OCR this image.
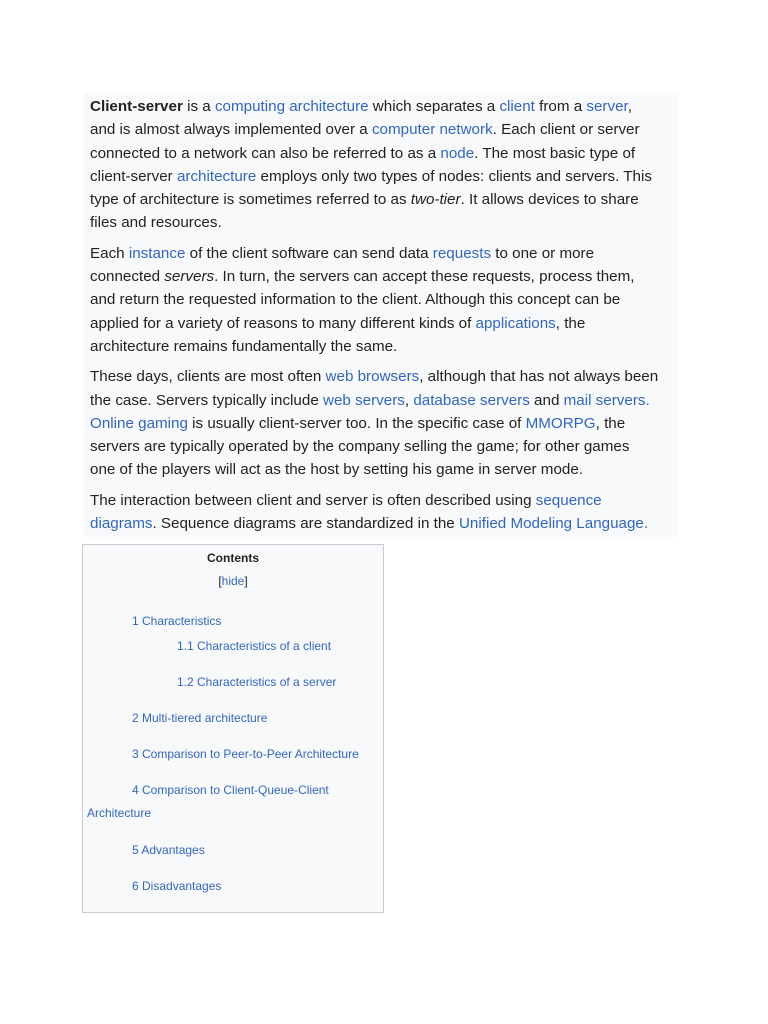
Client-server is a computing architecture which separates a client from a server,
and is almost always implemented over a computer network. Each client or server
connected to a network can also be referred to as a node. The most basic type of
client-server architecture employs only two types of nodes: clients and servers. This
type of architecture is sometimes referred to as two-tier. It allows devices to share
files and resources.

Each instance of the client software can send data requests to one or more
connected servers. In turn, the servers can accept these requests, process them,
and return the requested information to the client. Although this concept can be
applied for a variety of reasons to many different kinds of applications, the
architecture remains fundamentally the same.

These days, clients are most often web browsers, although that has not always been
the case. Servers typically include web servers, database servers and mail servers.
Online gaming is usually client-server too. In the specific case of MMORPG, the
servers are typically operated by the company selling the game; for other games
one of the players will act as the host by setting his game in server mode.

The interaction between client and server is often described using sequence
diagrams. Sequence diagrams are standardized in the Unified Modeling Language.

Contents
[hide]
1 Characteristics
1.1 Characteristics of a client
1.2 Characteristics of a server
2 Multi-tiered architecture
3 Comparison to Peer-to-Peer Architecture
4 Comparison to Client-Queue-Client
Architecture
5 Advantages
6 Disadvantages
